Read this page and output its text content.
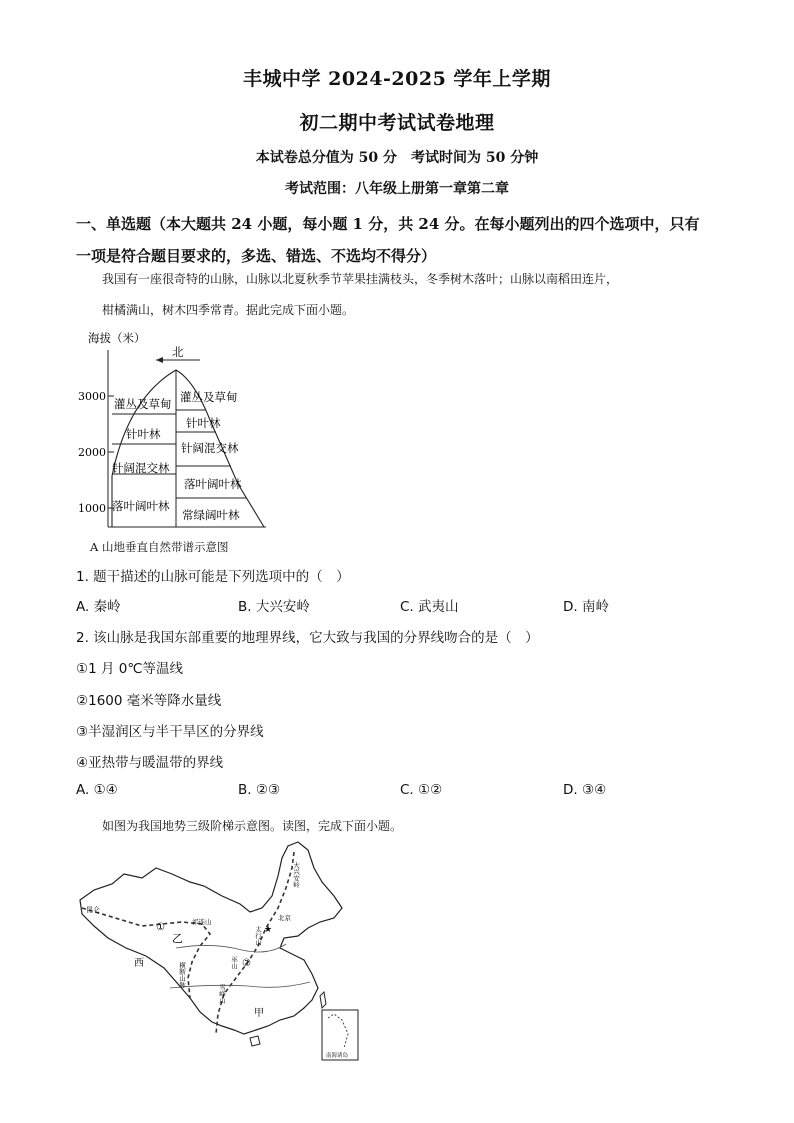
丰城中学 2024-2025 学年上学期
初二期中考试试卷地理
本试卷总分值为 50 分　考试时间为 50 分钟
考试范围：八年级上册第一章第二章
一、单选题（本大题共 24 小题，每小题 1 分，共 24 分。在每小题列出的四个选项中，只有
一项是符合题目要求的，多选、错选、不选均不得分）
我国有一座很奇特的山脉，山脉以北夏秋季节苹果挂满枝头，冬季树木落叶；山脉以南稻田连片，
柑橘满山，树木四季常青。据此完成下面小题。
海拔（米）
3000
2000
1000
北
灌丛及草甸
针叶林
针阔混交林
落叶阔叶林
灌丛及草甸
针叶林
针阔混交林
落叶阔叶林
常绿阔叶林
A 山地垂直自然带谱示意图
1. 题干描述的山脉可能是下列选项中的（　）
A. 秦岭	B. 大兴安岭	C. 武夷山	D. 南岭
2. 该山脉是我国东部重要的地理界线，它大致与我国的分界线吻合的是（　）
①1 月 0℃等温线
②1600 毫米等降水量线
③半湿润区与半干旱区的分界线
④亚热带与暖温带的界线
A. ①④	B. ②③	C. ①②	D. ③④
如图为我国地势三级阶梯示意图。读图，完成下面小题。
南海诸岛
昆仑
①
②
乙
西
甲
大兴安岭
太行山
雪峰山
巫山
横断山脉
祁连山	北京
★
